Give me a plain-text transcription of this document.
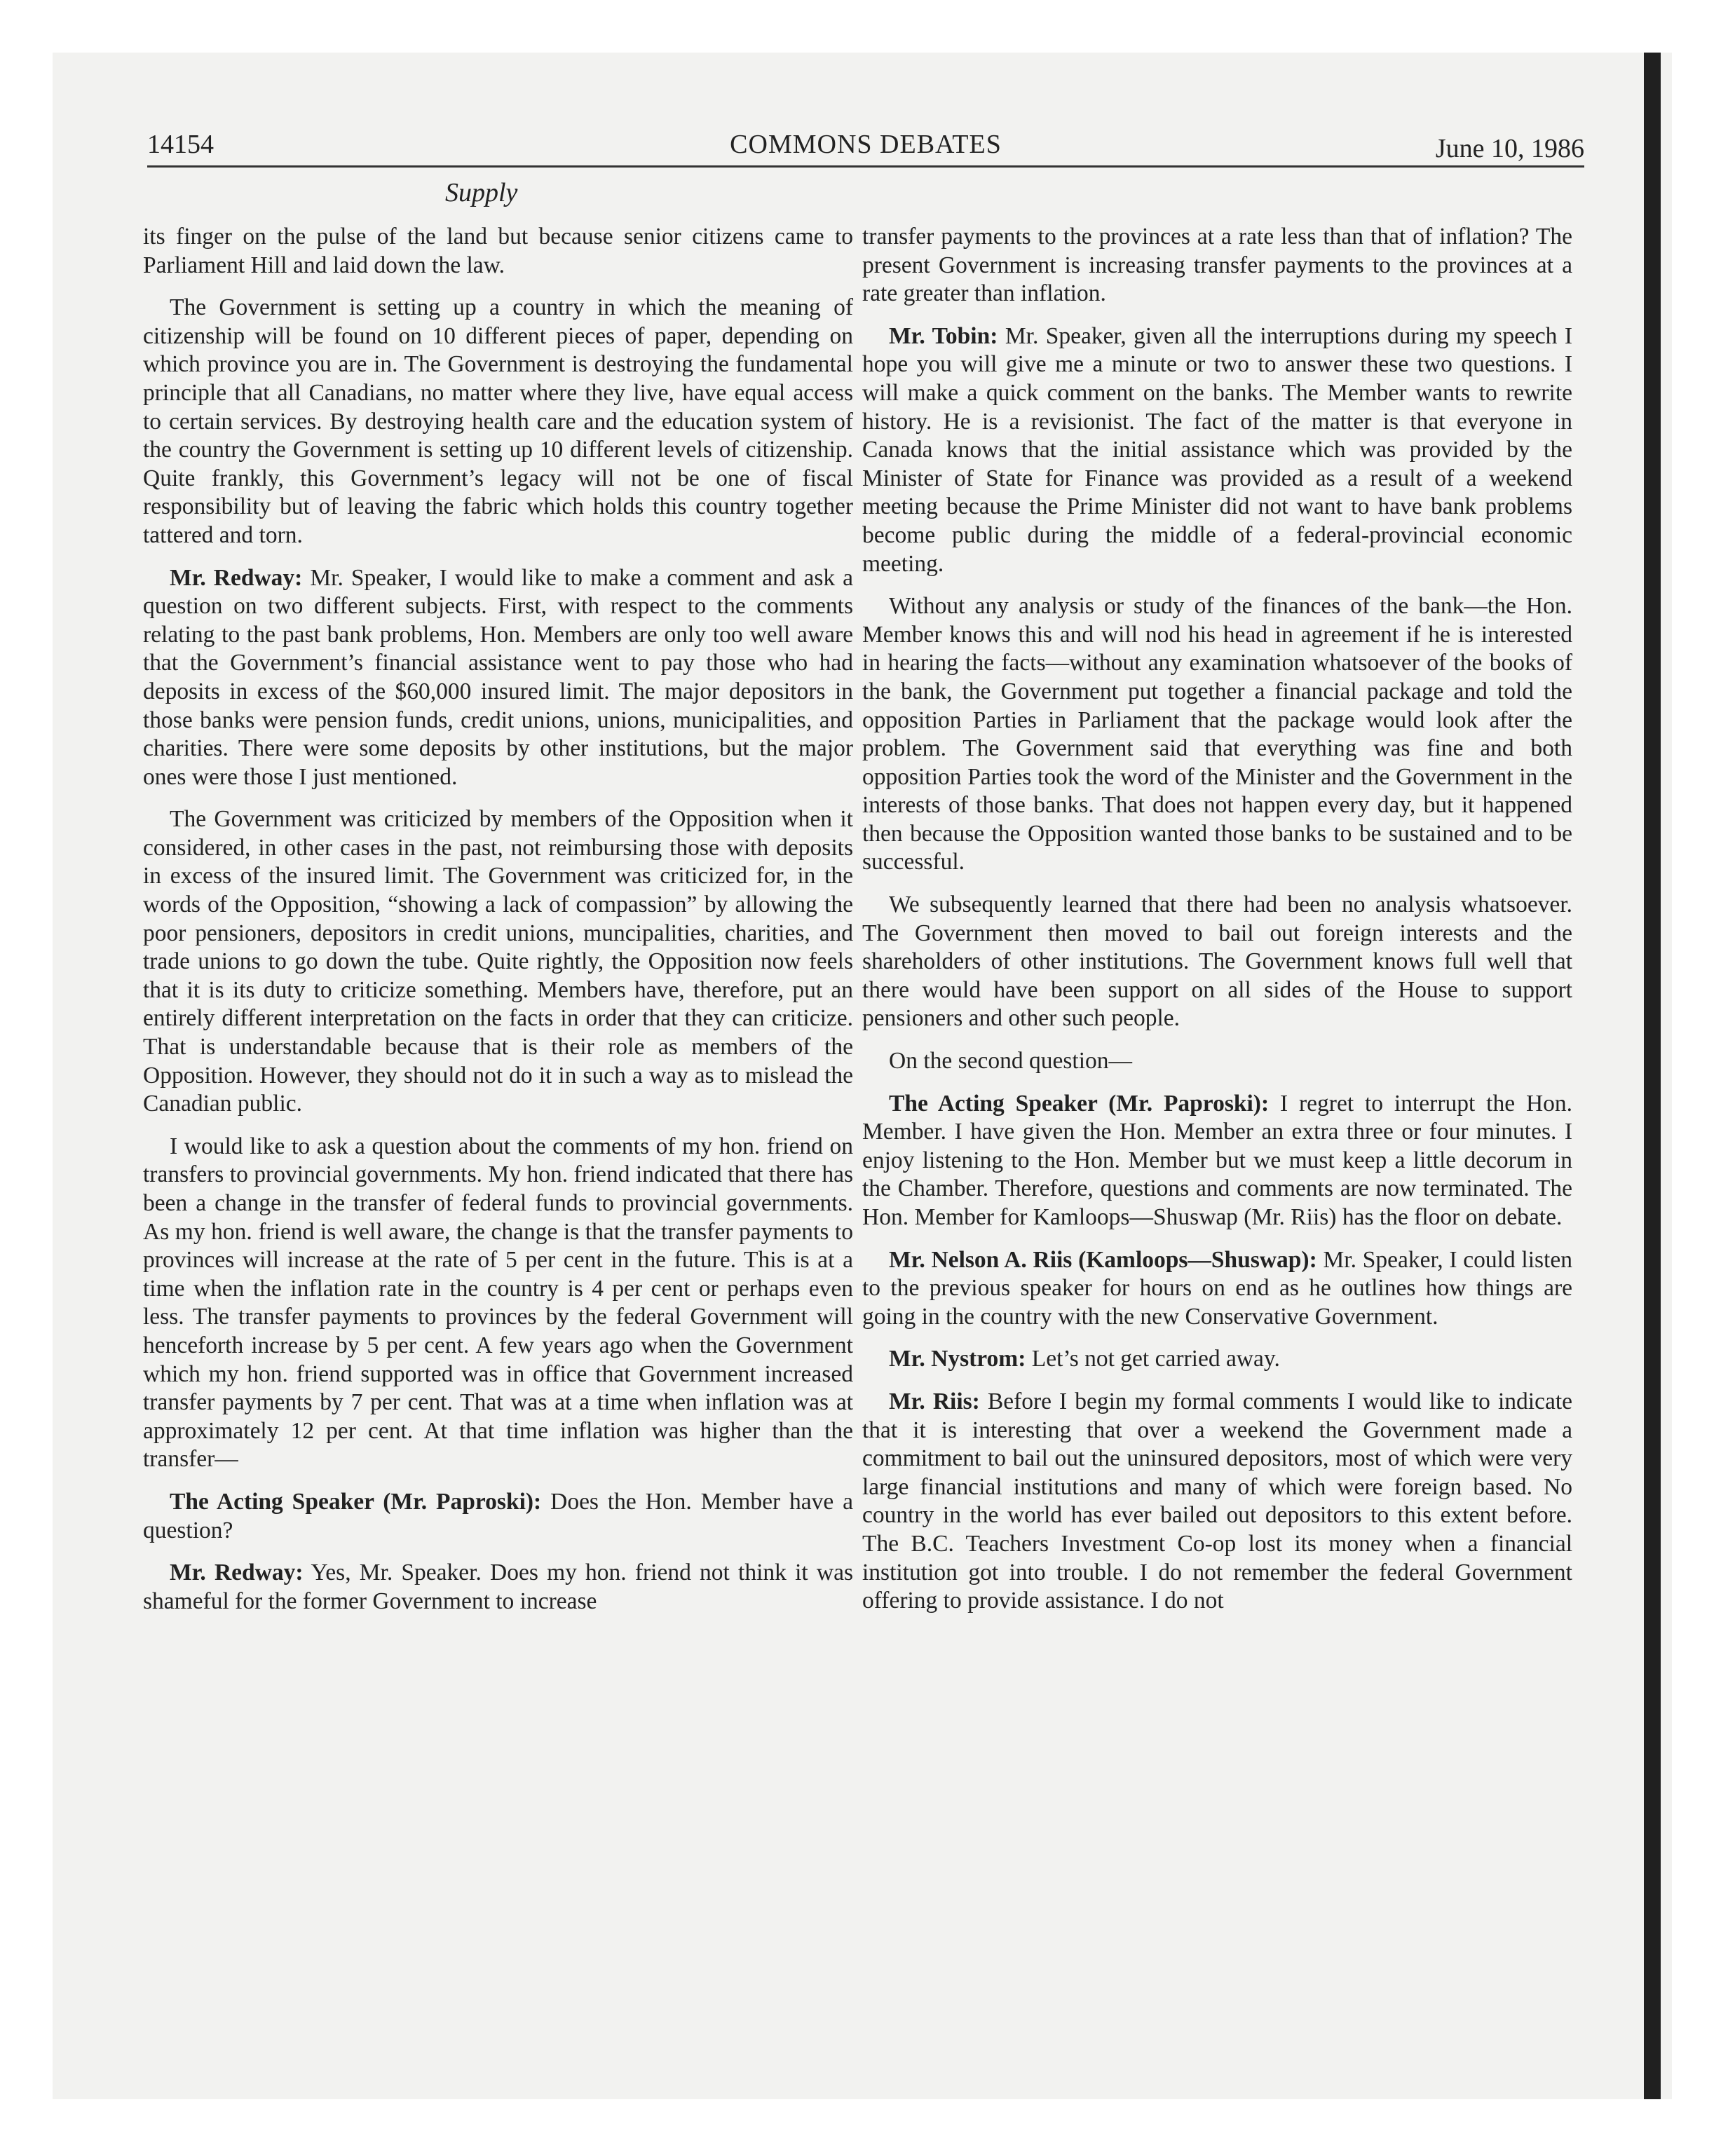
14154	COMMONS DEBATES	June 10, 1986
Supply

its finger on the pulse of the land but because senior citizens came to Parliament Hill and laid down the law.

The Government is setting up a country in which the meaning of citizenship will be found on 10 different pieces of paper, depending on which province you are in. The Government is destroying the fundamental principle that all Canadians, no matter where they live, have equal access to certain services. By destroying health care and the education system of the country the Government is setting up 10 different levels of citizenship. Quite frankly, this Government’s legacy will not be one of fiscal responsibility but of leaving the fabric which holds this country together tattered and torn.

Mr. Redway: Mr. Speaker, I would like to make a comment and ask a question on two different subjects. First, with respect to the comments relating to the past bank problems, Hon. Members are only too well aware that the Government’s financial assistance went to pay those who had deposits in excess of the $60,000 insured limit. The major depositors in those banks were pension funds, credit unions, unions, municipalities, and charities. There were some deposits by other institutions, but the major ones were those I just mentioned.

The Government was criticized by members of the Opposition when it considered, in other cases in the past, not reimbursing those with deposits in excess of the insured limit. The Government was criticized for, in the words of the Opposition, “showing a lack of compassion” by allowing the poor pensioners, depositors in credit unions, muncipalities, charities, and trade unions to go down the tube. Quite rightly, the Opposition now feels that it is its duty to criticize something. Members have, therefore, put an entirely different interpretation on the facts in order that they can criticize. That is understandable because that is their role as members of the Opposition. However, they should not do it in such a way as to mislead the Canadian public.

I would like to ask a question about the comments of my hon. friend on transfers to provincial governments. My hon. friend indicated that there has been a change in the transfer of federal funds to provincial governments. As my hon. friend is well aware, the change is that the transfer payments to provinces will increase at the rate of 5 per cent in the future. This is at a time when the inflation rate in the country is 4 per cent or perhaps even less. The transfer payments to provinces by the federal Government will henceforth increase by 5 per cent. A few years ago when the Government which my hon. friend supported was in office that Government increased transfer payments by 7 per cent. That was at a time when inflation was at approximately 12 per cent. At that time inflation was higher than the transfer—

The Acting Speaker (Mr. Paproski): Does the Hon. Member have a question?

Mr. Redway: Yes, Mr. Speaker. Does my hon. friend not think it was shameful for the former Government to increase

transfer payments to the provinces at a rate less than that of inflation? The present Government is increasing transfer payments to the provinces at a rate greater than inflation.

Mr. Tobin: Mr. Speaker, given all the interruptions during my speech I hope you will give me a minute or two to answer these two questions. I will make a quick comment on the banks. The Member wants to rewrite history. He is a revisionist. The fact of the matter is that everyone in Canada knows that the initial assistance which was provided by the Minister of State for Finance was provided as a result of a weekend meeting because the Prime Minister did not want to have bank problems become public during the middle of a federal-provincial economic meeting.

Without any analysis or study of the finances of the bank—the Hon. Member knows this and will nod his head in agreement if he is interested in hearing the facts—without any examination whatsoever of the books of the bank, the Government put together a financial package and told the opposition Parties in Parliament that the package would look after the problem. The Government said that everything was fine and both opposition Parties took the word of the Minister and the Government in the interests of those banks. That does not happen every day, but it happened then because the Opposition wanted those banks to be sustained and to be successful.

We subsequently learned that there had been no analysis whatsoever. The Government then moved to bail out foreign interests and the shareholders of other institutions. The Government knows full well that there would have been support on all sides of the House to support pensioners and other such people.

On the second question—

The Acting Speaker (Mr. Paproski): I regret to interrupt the Hon. Member. I have given the Hon. Member an extra three or four minutes. I enjoy listening to the Hon. Member but we must keep a little decorum in the Chamber. Therefore, questions and comments are now terminated. The Hon. Member for Kamloops—Shuswap (Mr. Riis) has the floor on debate.

Mr. Nelson A. Riis (Kamloops—Shuswap): Mr. Speaker, I could listen to the previous speaker for hours on end as he outlines how things are going in the country with the new Conservative Government.

Mr. Nystrom: Let’s not get carried away.

Mr. Riis: Before I begin my formal comments I would like to indicate that it is interesting that over a weekend the Government made a commitment to bail out the uninsured depositors, most of which were very large financial institutions and many of which were foreign based. No country in the world has ever bailed out depositors to this extent before. The B.C. Teachers Investment Co-op lost its money when a financial institution got into trouble. I do not remember the federal Government offering to provide assistance. I do not
